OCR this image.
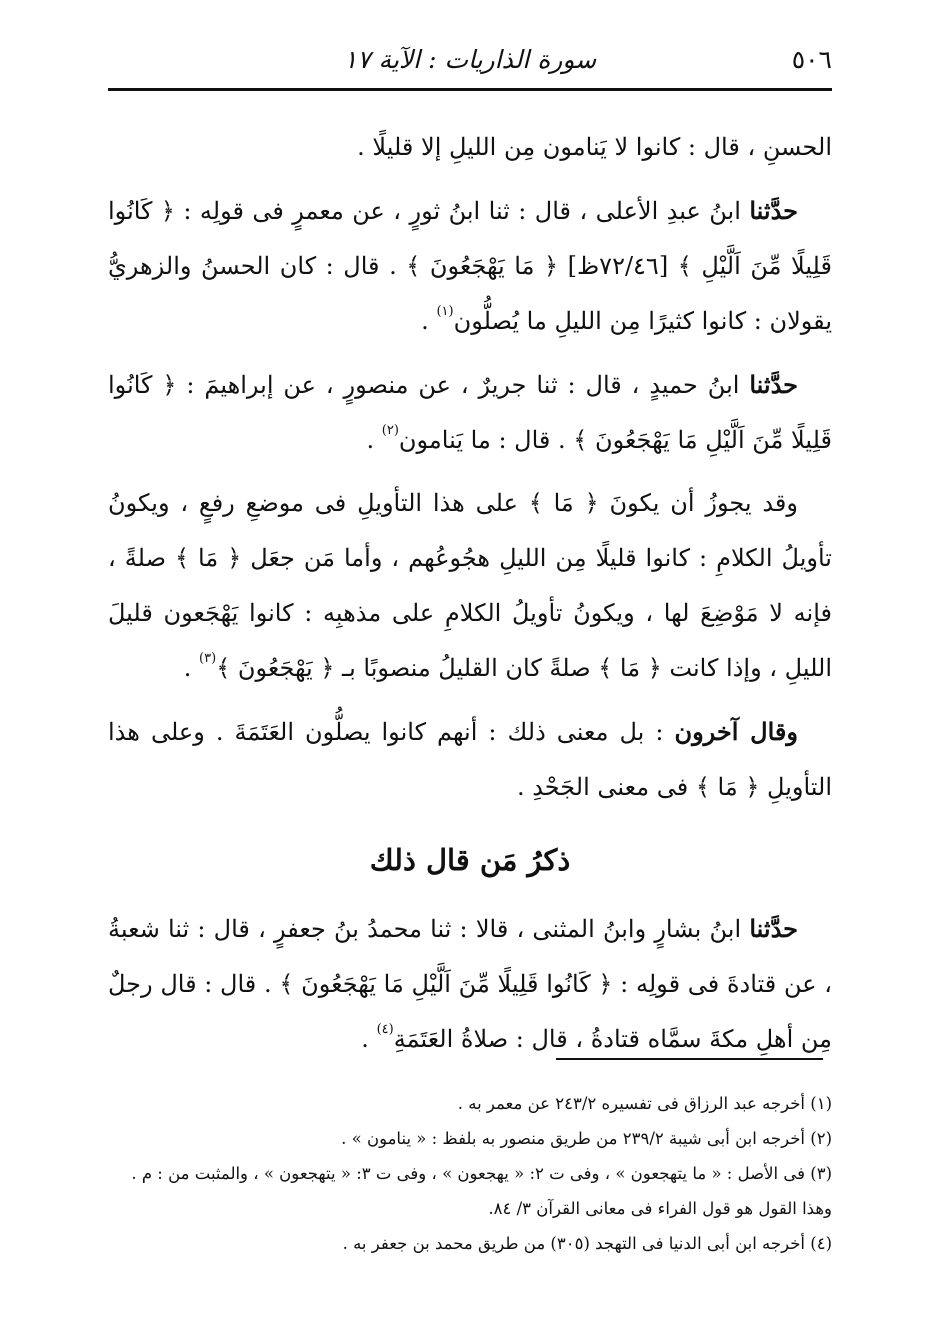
٥٠٦
سورة الذاريات : الآية ١٧

الحسنِ ، قال : كانوا لا يَنامون مِن الليلِ إلا قليلًا .

حدَّثنا ابنُ عبدِ الأعلى ، قال : ثنا ابنُ ثورٍ ، عن معمرٍ فى قولِه : ﴿ كَانُوا قَلِيلًا مِّنَ اَلَّيْلِ ﴾ [٧٢/٤٦ظ] ﴿ مَا يَهْجَعُونَ ﴾ . قال : كان الحسنُ والزهريُّ يقولان : كانوا كثيرًا مِن الليلِ ما يُصلُّون$^{(١)}$ .

حدَّثنا ابنُ حميدٍ ، قال : ثنا جريرٌ ، عن منصورٍ ، عن إبراهيمَ : ﴿ كَانُوا قَلِيلًا مِّنَ اَلَّيْلِ مَا يَهْجَعُونَ ﴾ . قال : ما يَنامون$^{(٢)}$ .

وقد يجوزُ أن يكونَ ﴿ مَا ﴾ على هذا التأويلِ فى موضعِ رفعٍ ، ويكونُ تأويلُ الكلامِ : كانوا قليلًا مِن الليلِ هجُوعُهم ، وأما مَن جعَل ﴿ مَا ﴾ صلةً ، فإنه لا مَوْضِعَ لها ، ويكونُ تأويلُ الكلامِ على مذهبِه : كانوا يَهْجَعون قليلَ الليلِ ، وإذا كانت ﴿ مَا ﴾ صلةً كان القليلُ منصوبًا بـ ﴿ يَهْجَعُونَ ﴾$^{(٣)}$ .

وقال آخرون : بل معنى ذلك : أنهم كانوا يصلُّون العَتَمَةَ . وعلى هذا التأويلِ ﴿ مَا ﴾ فى معنى الجَحْدِ .

ذكرُ مَن قال ذلك

حدَّثنا ابنُ بشارٍ وابنُ المثنى ، قالا : ثنا محمدُ بنُ جعفرٍ ، قال : ثنا شعبةُ ، عن قتادةَ فى قولِه : ﴿ كَانُوا قَلِيلًا مِّنَ اَلَّيْلِ مَا يَهْجَعُونَ ﴾ . قال : قال رجلٌ مِن أهلِ مكةَ سمَّاه قتادةُ ، قال : صلاةُ العَتَمَةِ$^{(٤)}$ .

(١) أخرجه عبد الرزاق فى تفسيره ٢٤٣/٢ عن معمر به .
(٢) أخرجه ابن أبى شيبة ٢٣٩/٢ من طريق منصور به بلفظ : « ينامون » .
(٣) فى الأصل : « ما يتهجعون » ، وفى ت ٢: « يهجعون » ، وفى ت ٣: « يتهجعون » ، والمثبت من : م .
وهذا القول هو قول الفراء فى معانى القرآن ٣/ ٨٤.
(٤) أخرجه ابن أبى الدنيا فى التهجد (٣٠٥) من طريق محمد بن جعفر به .
